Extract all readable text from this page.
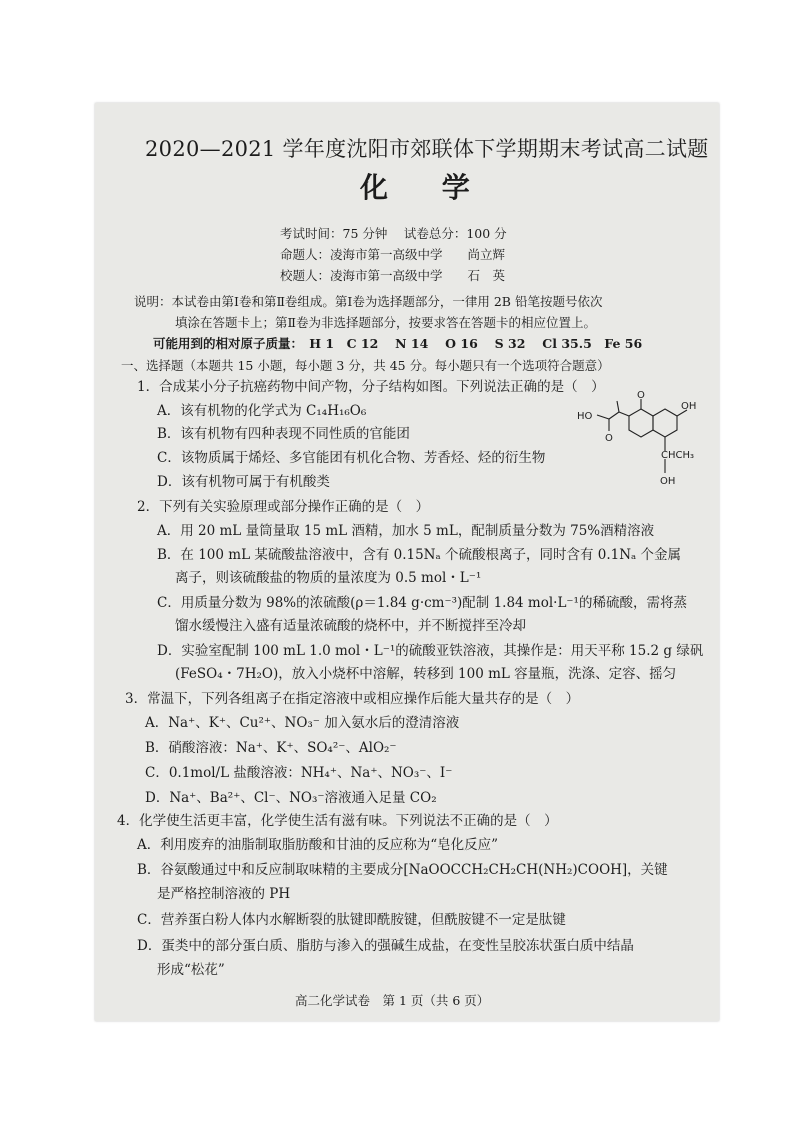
2020—2021 学年度沈阳市郊联体下学期期末考试高二试题
化 学
考试时间：75 分钟　 试卷总分：100 分
命题人：凌海市第一高级中学　　尚立辉
校题人：凌海市第一高级中学　　石　英
说明：本试卷由第Ⅰ卷和第Ⅱ卷组成。第Ⅰ卷为选择题部分，一律用 2B 铅笔按题号依次
填涂在答题卡上；第Ⅱ卷为非选择题部分，按要求答在答题卡的相应位置上。
可能用到的相对原子质量：　H 1　C 12　 N 14　 O 16　 S 32　 Cl 35.5　Fe 56
一、选择题（本题共 15 小题，每小题 3 分，共 45 分。每小题只有一个选项符合题意）
1．合成某小分子抗癌药物中间产物，分子结构如图。下列说法正确的是（　）
A．该有机物的化学式为 C₁₄H₁₆O₆
B．该有机物有四种表现不同性质的官能团
C．该物质属于烯烃、多官能团有机化合物、芳香烃、烃的衍生物
D．该有机物可属于有机酸类
O
OH
HO
O
CHCH₃
OH
2．下列有关实验原理或部分操作正确的是（　）
A．用 20 mL 量筒量取 15 mL 酒精，加水 5 mL，配制质量分数为 75%酒精溶液
B．在 100 mL 某硫酸盐溶液中，含有 0.15Nₐ 个硫酸根离子，同时含有 0.1Nₐ 个金属
离子，则该硫酸盐的物质的量浓度为 0.5 mol・L⁻¹
C．用质量分数为 98%的浓硫酸(ρ＝1.84 g·cm⁻³)配制 1.84 mol·L⁻¹的稀硫酸，需将蒸
馏水缓慢注入盛有适量浓硫酸的烧杯中，并不断搅拌至冷却
D．实验室配制 100 mL 1.0 mol・L⁻¹的硫酸亚铁溶液，其操作是：用天平称 15.2 g 绿矾
(FeSO₄・7H₂O)，放入小烧杯中溶解，转移到 100 mL 容量瓶，洗涤、定容、摇匀
3．常温下，下列各组离子在指定溶液中或相应操作后能大量共存的是（　）
A．Na⁺、K⁺、Cu²⁺、NO₃⁻ 加入氨水后的澄清溶液
B．硝酸溶液：Na⁺、K⁺、SO₄²⁻、AlO₂⁻
C．0.1mol/L 盐酸溶液：NH₄⁺、Na⁺、NO₃⁻、I⁻
D．Na⁺、Ba²⁺、Cl⁻、NO₃⁻溶液通入足量 CO₂
4．化学使生活更丰富，化学使生活有滋有味。下列说法不正确的是（　）
A．利用废弃的油脂制取脂肪酸和甘油的反应称为“皂化反应”
B．谷氨酸通过中和反应制取味精的主要成分[NaOOCCH₂CH₂CH(NH₂)COOH]，关键
是严格控制溶液的 PH
C．营养蛋白粉人体内水解断裂的肽键即酰胺键，但酰胺键不一定是肽键
D．蛋类中的部分蛋白质、脂肪与渗入的强碱生成盐，在变性呈胶冻状蛋白质中结晶
形成“松花”
高二化学试卷　第 1 页（共 6 页）
